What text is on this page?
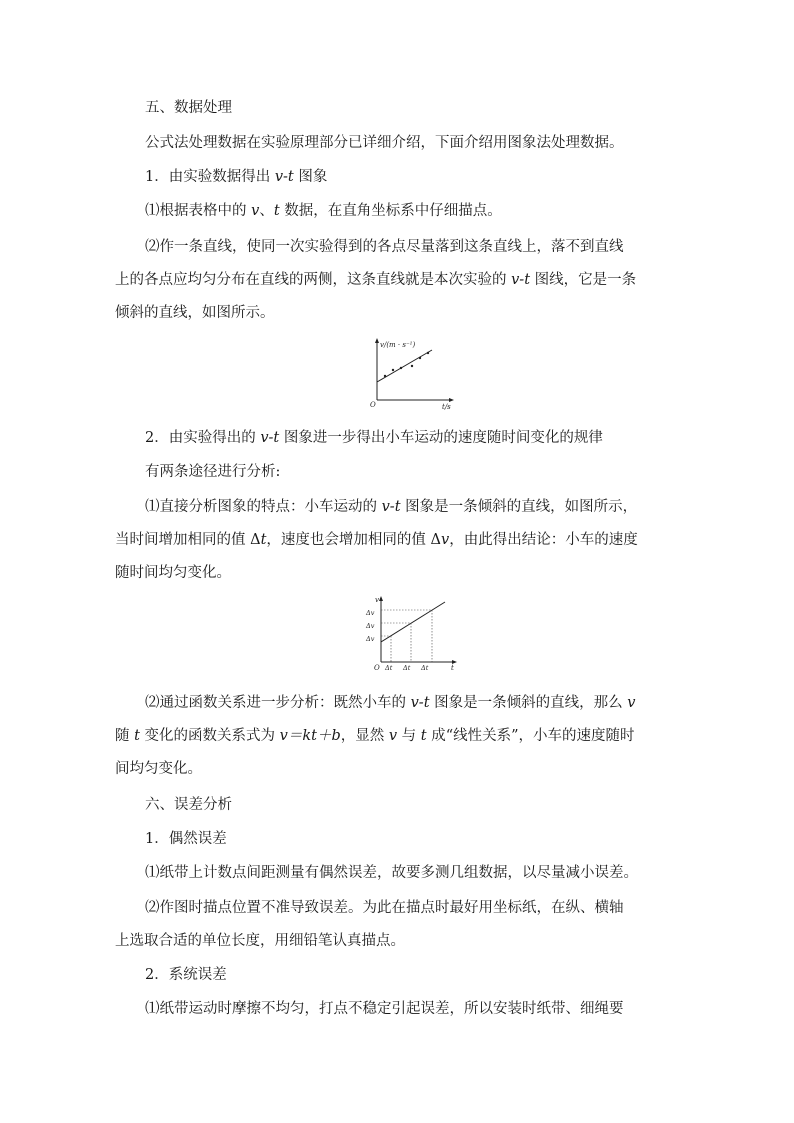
五、数据处理
公式法处理数据在实验原理部分已详细介绍，下面介绍用图象法处理数据。
1．由实验数据得出 v-t 图象
⑴根据表格中的 v、t 数据，在直角坐标系中仔细描点。
⑵作一条直线，使同一次实验得到的各点尽量落到这条直线上，落不到直线
上的各点应均匀分布在直线的两侧，这条直线就是本次实验的 v-t 图线，它是一条
倾斜的直线，如图所示。
v/(m · s⁻¹)
t/s
O
2．由实验得出的 v-t 图象进一步得出小车运动的速度随时间变化的规律
有两条途径进行分析:
⑴直接分析图象的特点：小车运动的 v-t 图象是一条倾斜的直线，如图所示，
当时间增加相同的值 Δt，速度也会增加相同的值 Δv，由此得出结论：小车的速度
随时间均匀变化。
v
t
O
Δv
Δv
Δv
Δt Δt Δt
⑵通过函数关系进一步分析：既然小车的 v-t 图象是一条倾斜的直线，那么 v
随 t 变化的函数关系式为 v＝kt＋b，显然 v 与 t 成“线性关系”，小车的速度随时
间均匀变化。
六、误差分析
1．偶然误差
⑴纸带上计数点间距测量有偶然误差，故要多测几组数据，以尽量减小误差。
⑵作图时描点位置不准导致误差。为此在描点时最好用坐标纸，在纵、横轴
上选取合适的单位长度，用细铅笔认真描点。
2．系统误差
⑴纸带运动时摩擦不均匀，打点不稳定引起误差，所以安装时纸带、细绳要
